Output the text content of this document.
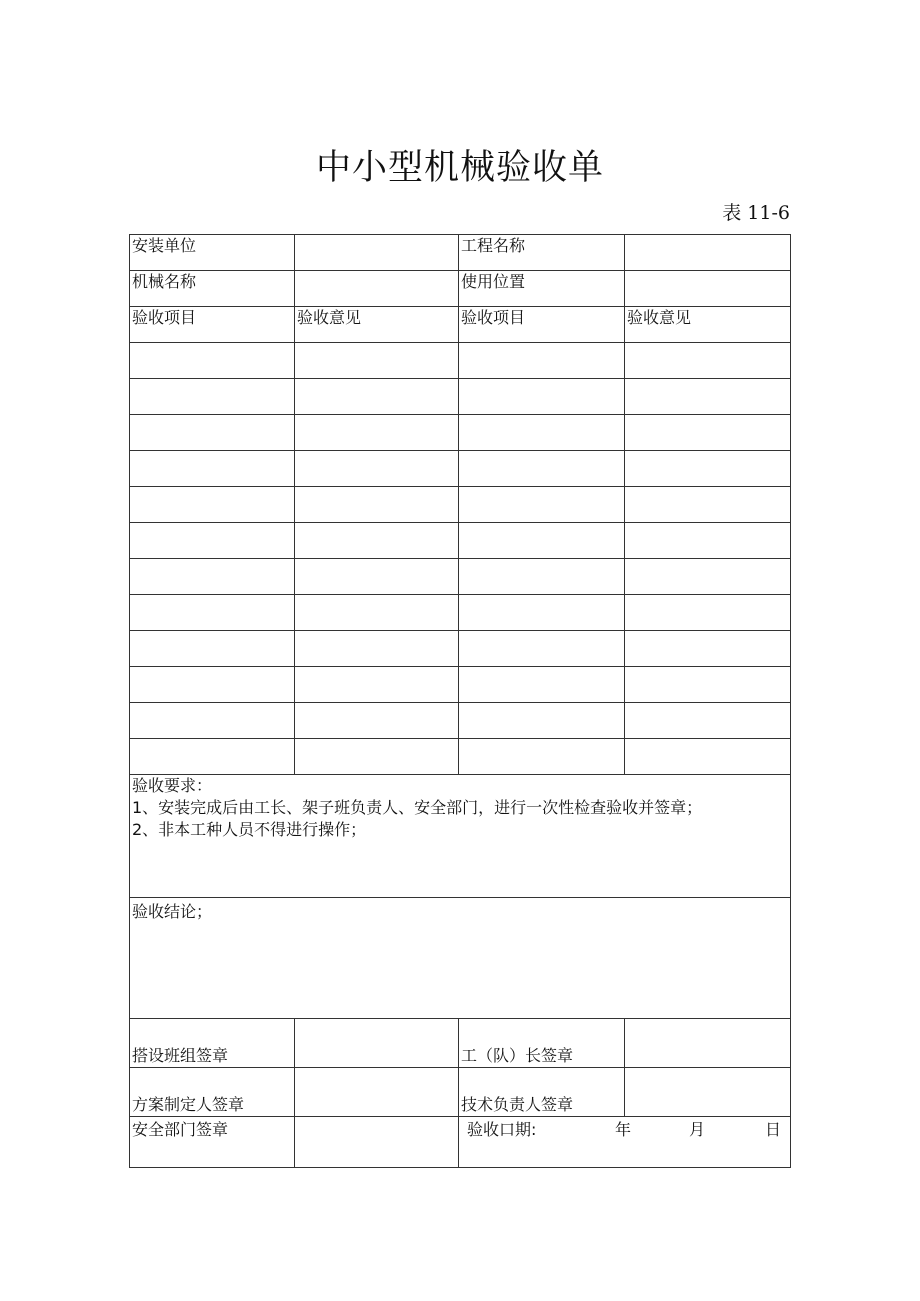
中小型机械验收单
表 11-6
安装单位		工程名称	
机械名称		使用位置	
验收项目	验收意见	验收项目	验收意见

验收要求：
1、安装完成后由工长、架子班负责人、安全部门，进行一次性检查验收并签章；
2、非本工种人员不得进行操作；			

验收结论；			

搭设班组签章		工（队）长签章	
方案制定人签章		技术负责人签章	
安全部门签章		验收口期: 年 月 日	
